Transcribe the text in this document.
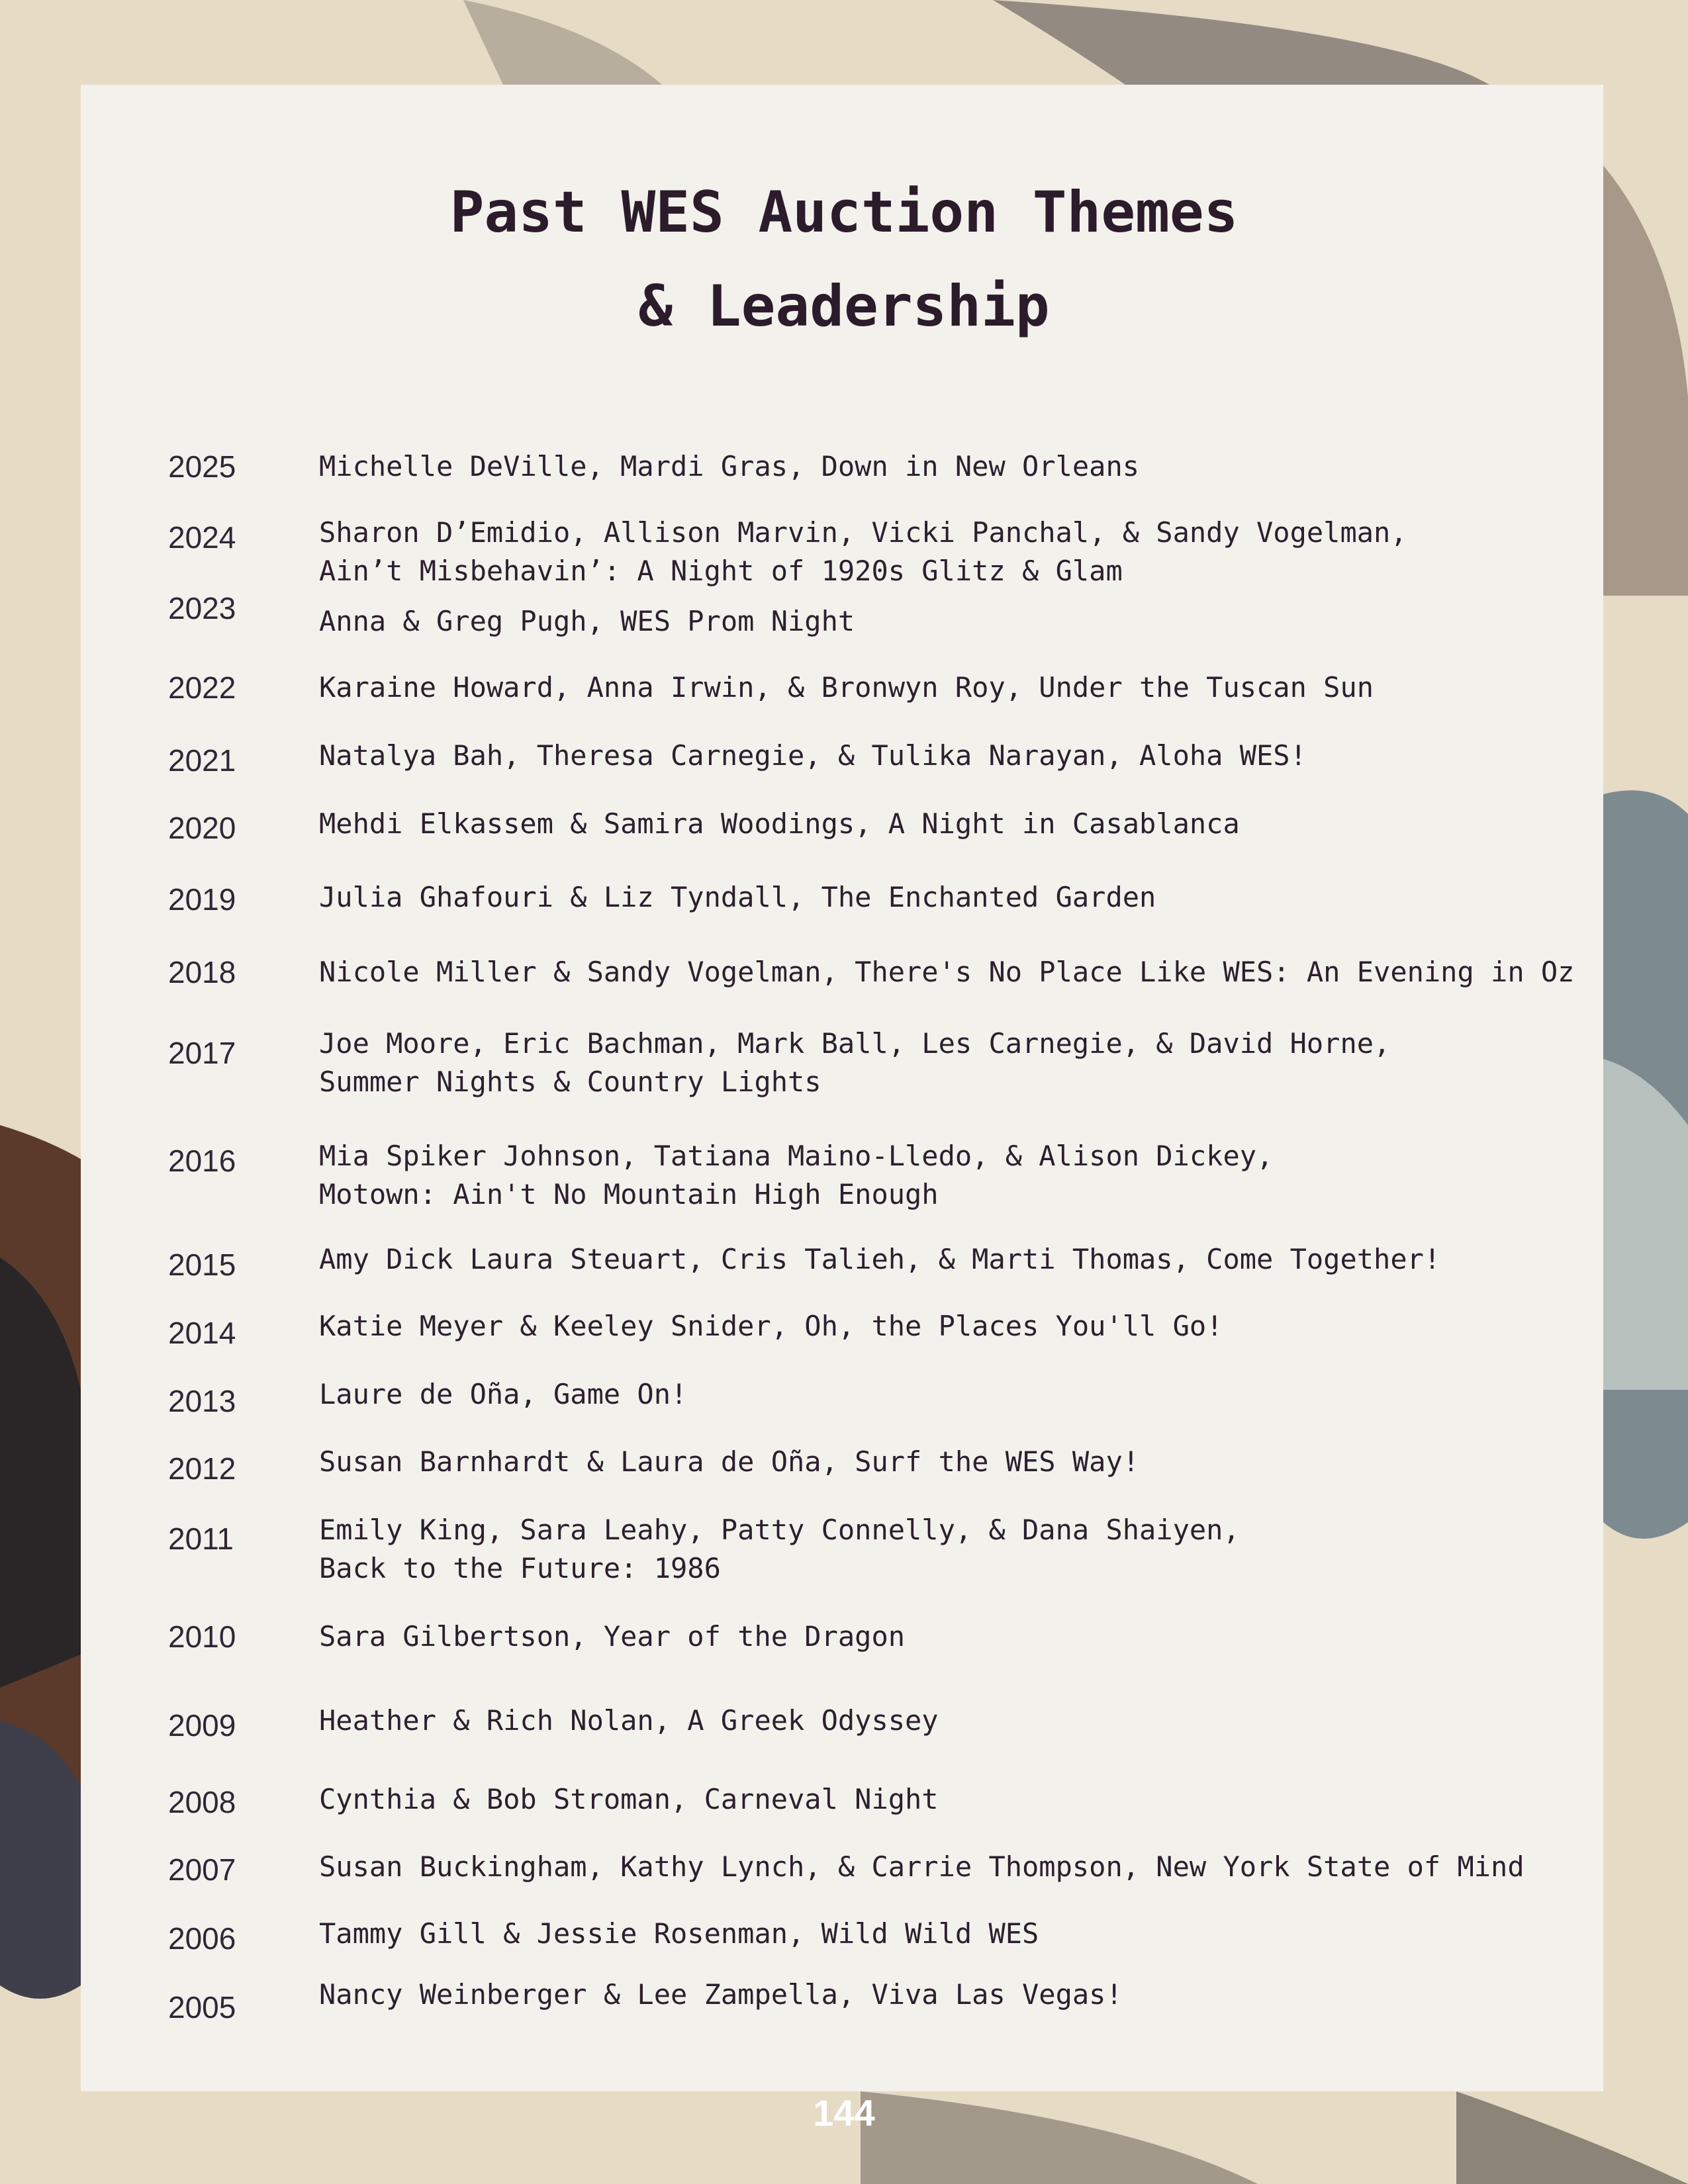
Past WES Auction Themes
& Leadership
2025	Michelle DeVille, Mardi Gras, Down in New Orleans
2024	Sharon D’Emidio, Allison Marvin, Vicki Panchal, & Sandy Vogelman,
Ain’t Misbehavin’: A Night of 1920s Glitz & Glam
2023	Anna & Greg Pugh, WES Prom Night
2022	Karaine Howard, Anna Irwin, & Bronwyn Roy, Under the Tuscan Sun
2021	Natalya Bah, Theresa Carnegie, & Tulika Narayan, Aloha WES!
2020	Mehdi Elkassem & Samira Woodings, A Night in Casablanca
2019	Julia Ghafouri & Liz Tyndall, The Enchanted Garden
2018	Nicole Miller & Sandy Vogelman, There's No Place Like WES: An Evening in Oz
2017	Joe Moore, Eric Bachman, Mark Ball, Les Carnegie, & David Horne,
Summer Nights & Country Lights
2016	Mia Spiker Johnson, Tatiana Maino-Lledo, & Alison Dickey,
Motown: Ain't No Mountain High Enough
2015	Amy Dick Laura Steuart, Cris Talieh, & Marti Thomas, Come Together!
2014	Katie Meyer & Keeley Snider, Oh, the Places You'll Go!
2013	Laure de Oña, Game On!
2012	Susan Barnhardt & Laura de Oña, Surf the WES Way!
2011	Emily King, Sara Leahy, Patty Connelly, & Dana Shaiyen,
Back to the Future: 1986
2010	Sara Gilbertson, Year of the Dragon
2009	Heather & Rich Nolan, A Greek Odyssey
2008	Cynthia & Bob Stroman, Carneval Night
2007	Susan Buckingham, Kathy Lynch, & Carrie Thompson, New York State of Mind
2006	Tammy Gill & Jessie Rosenman, Wild Wild WES
2005	Nancy Weinberger & Lee Zampella, Viva Las Vegas!
144
